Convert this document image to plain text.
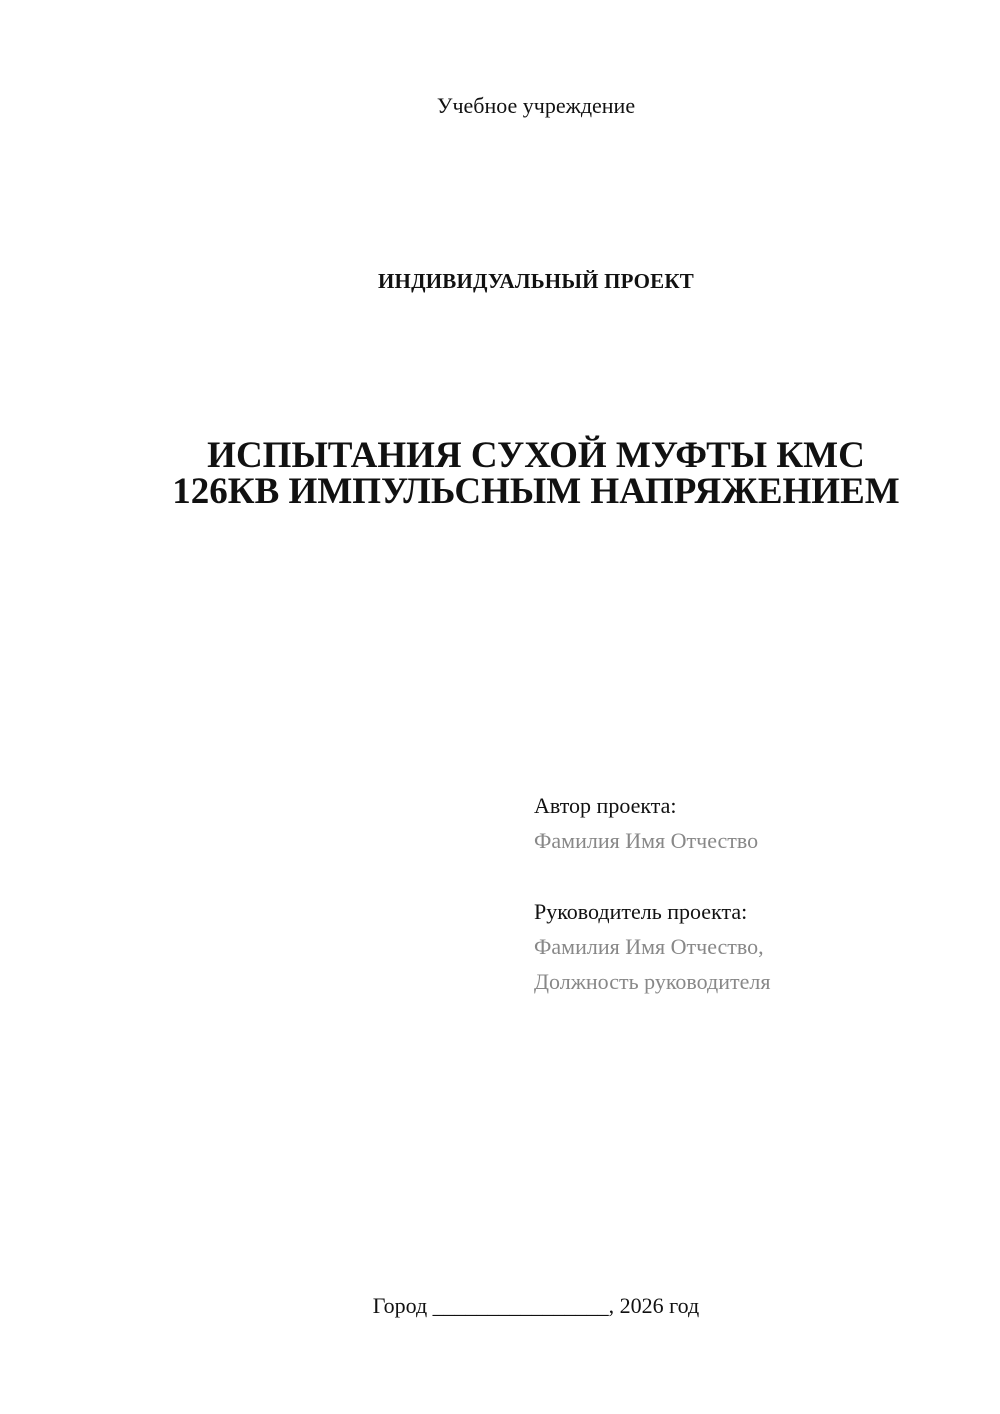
Учебное учреждение
ИНДИВИДУАЛЬНЫЙ ПРОЕКТ
ИСПЫТАНИЯ СУХОЙ МУФТЫ КМС
126КВ ИМПУЛЬСНЫМ НАПРЯЖЕНИЕМ
Автор проекта:
Фамилия Имя Отчество
Руководитель проекта:
Фамилия Имя Отчество,
Должность руководителя
Город ________________, 2026 год
